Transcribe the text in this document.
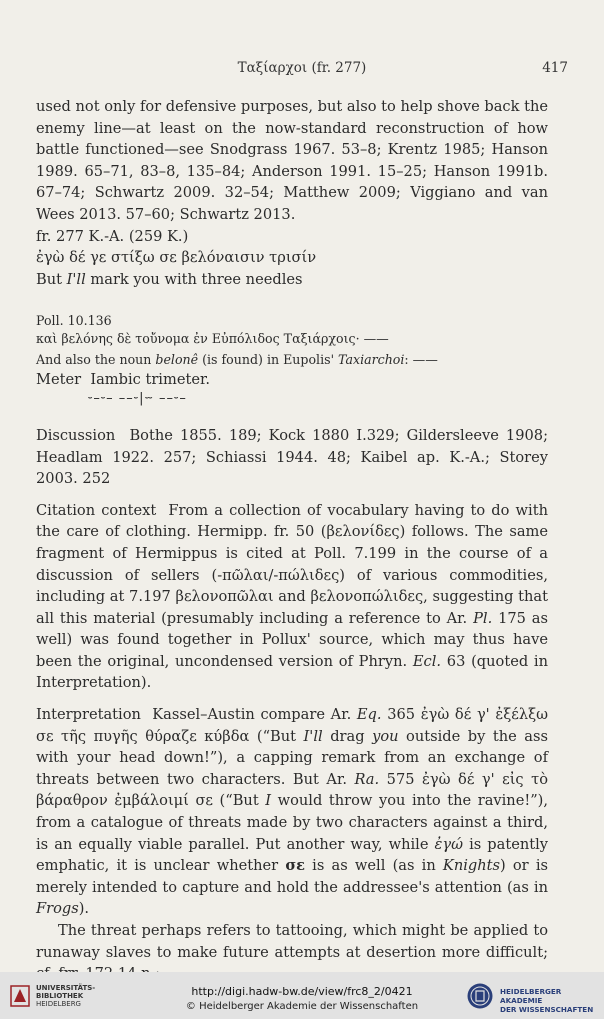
Ταξίαρχοι (fr. 277)	417

used not only for defensive purposes, but also to help shove back the enemy line—at least on the now-standard reconstruction of how battle functioned—see Snodgrass 1967. 53–8; Krentz 1985; Hanson 1989. 65–71, 83–8, 135–84; Anderson 1991. 15–25; Hanson 1991b. 67–74; Schwartz 2009. 32–54; Matthew 2009; Viggiano and van Wees 2013. 57–60; Schwartz 2013.

fr. 277 K.-A. (259 K.)

ἐγὼ δέ γε στίξω σε βελόναισιν τρισίν

But I'll mark you with three needles

Poll. 10.136
καὶ βελόνης δὲ τοὔνομα ἐν Εὐπόλιδος Ταξιάρχοις· ——
And also the noun belonê (is found) in Eupolis' Taxiarchoi: ——

Meter Iambic trimeter.

⏑–⏑– ––⏑|⏖ ––⏑–

Discussion Bothe 1855. 189; Kock 1880 I.329; Gildersleeve 1908; Headlam 1922. 257; Schiassi 1944. 48; Kaibel ap. K.-A.; Storey 2003. 252

Citation context From a collection of vocabulary having to do with the care of clothing. Hermipp. fr. 50 (βελονίδες) follows. The same fragment of Hermippus is cited at Poll. 7.199 in the course of a discussion of sellers (-πῶλαι/-πώλιδες) of various commodities, including at 7.197 βελονοπῶλαι and βελονοπώλιδες, suggesting that all this material (presumably including a reference to Ar. Pl. 175 as well) was found together in Pollux' source, which may thus have been the original, uncondensed version of Phryn. Ecl. 63 (quoted in Interpretation).

Interpretation Kassel–Austin compare Ar. Eq. 365 ἐγὼ δέ γ' ἐξέλξω σε τῆς πυγῆς θύραζε κύβδα (“But I'll drag you outside by the ass with your head down!”), a capping remark from an exchange of threats between two characters. But Ar. Ra. 575 ἐγὼ δέ γ' εἰς τὸ βάραθρον ἐμβάλοιμί σε (“But I would throw you into the ravine!”), from a catalogue of threats made by two characters against a third, is an equally viable parallel. Put another way, while ἐγώ is patently emphatic, it is unclear whether σε is as well (as in Knights) or is merely intended to capture and hold the addressee's attention (as in Frogs).

The threat perhaps refers to tattooing, which might be applied to runaway slaves to make future attempts at desertion more difficult;

UNIVERSITÄTS-
BIBLIOTHEK
HEIDELBERG
http://digi.hadw-bw.de/view/frc8_2/0421
© Heidelberger Akademie der Wissenschaften
HEIDELBERGER AKADEMIE
DER WISSENSCHAFTEN
